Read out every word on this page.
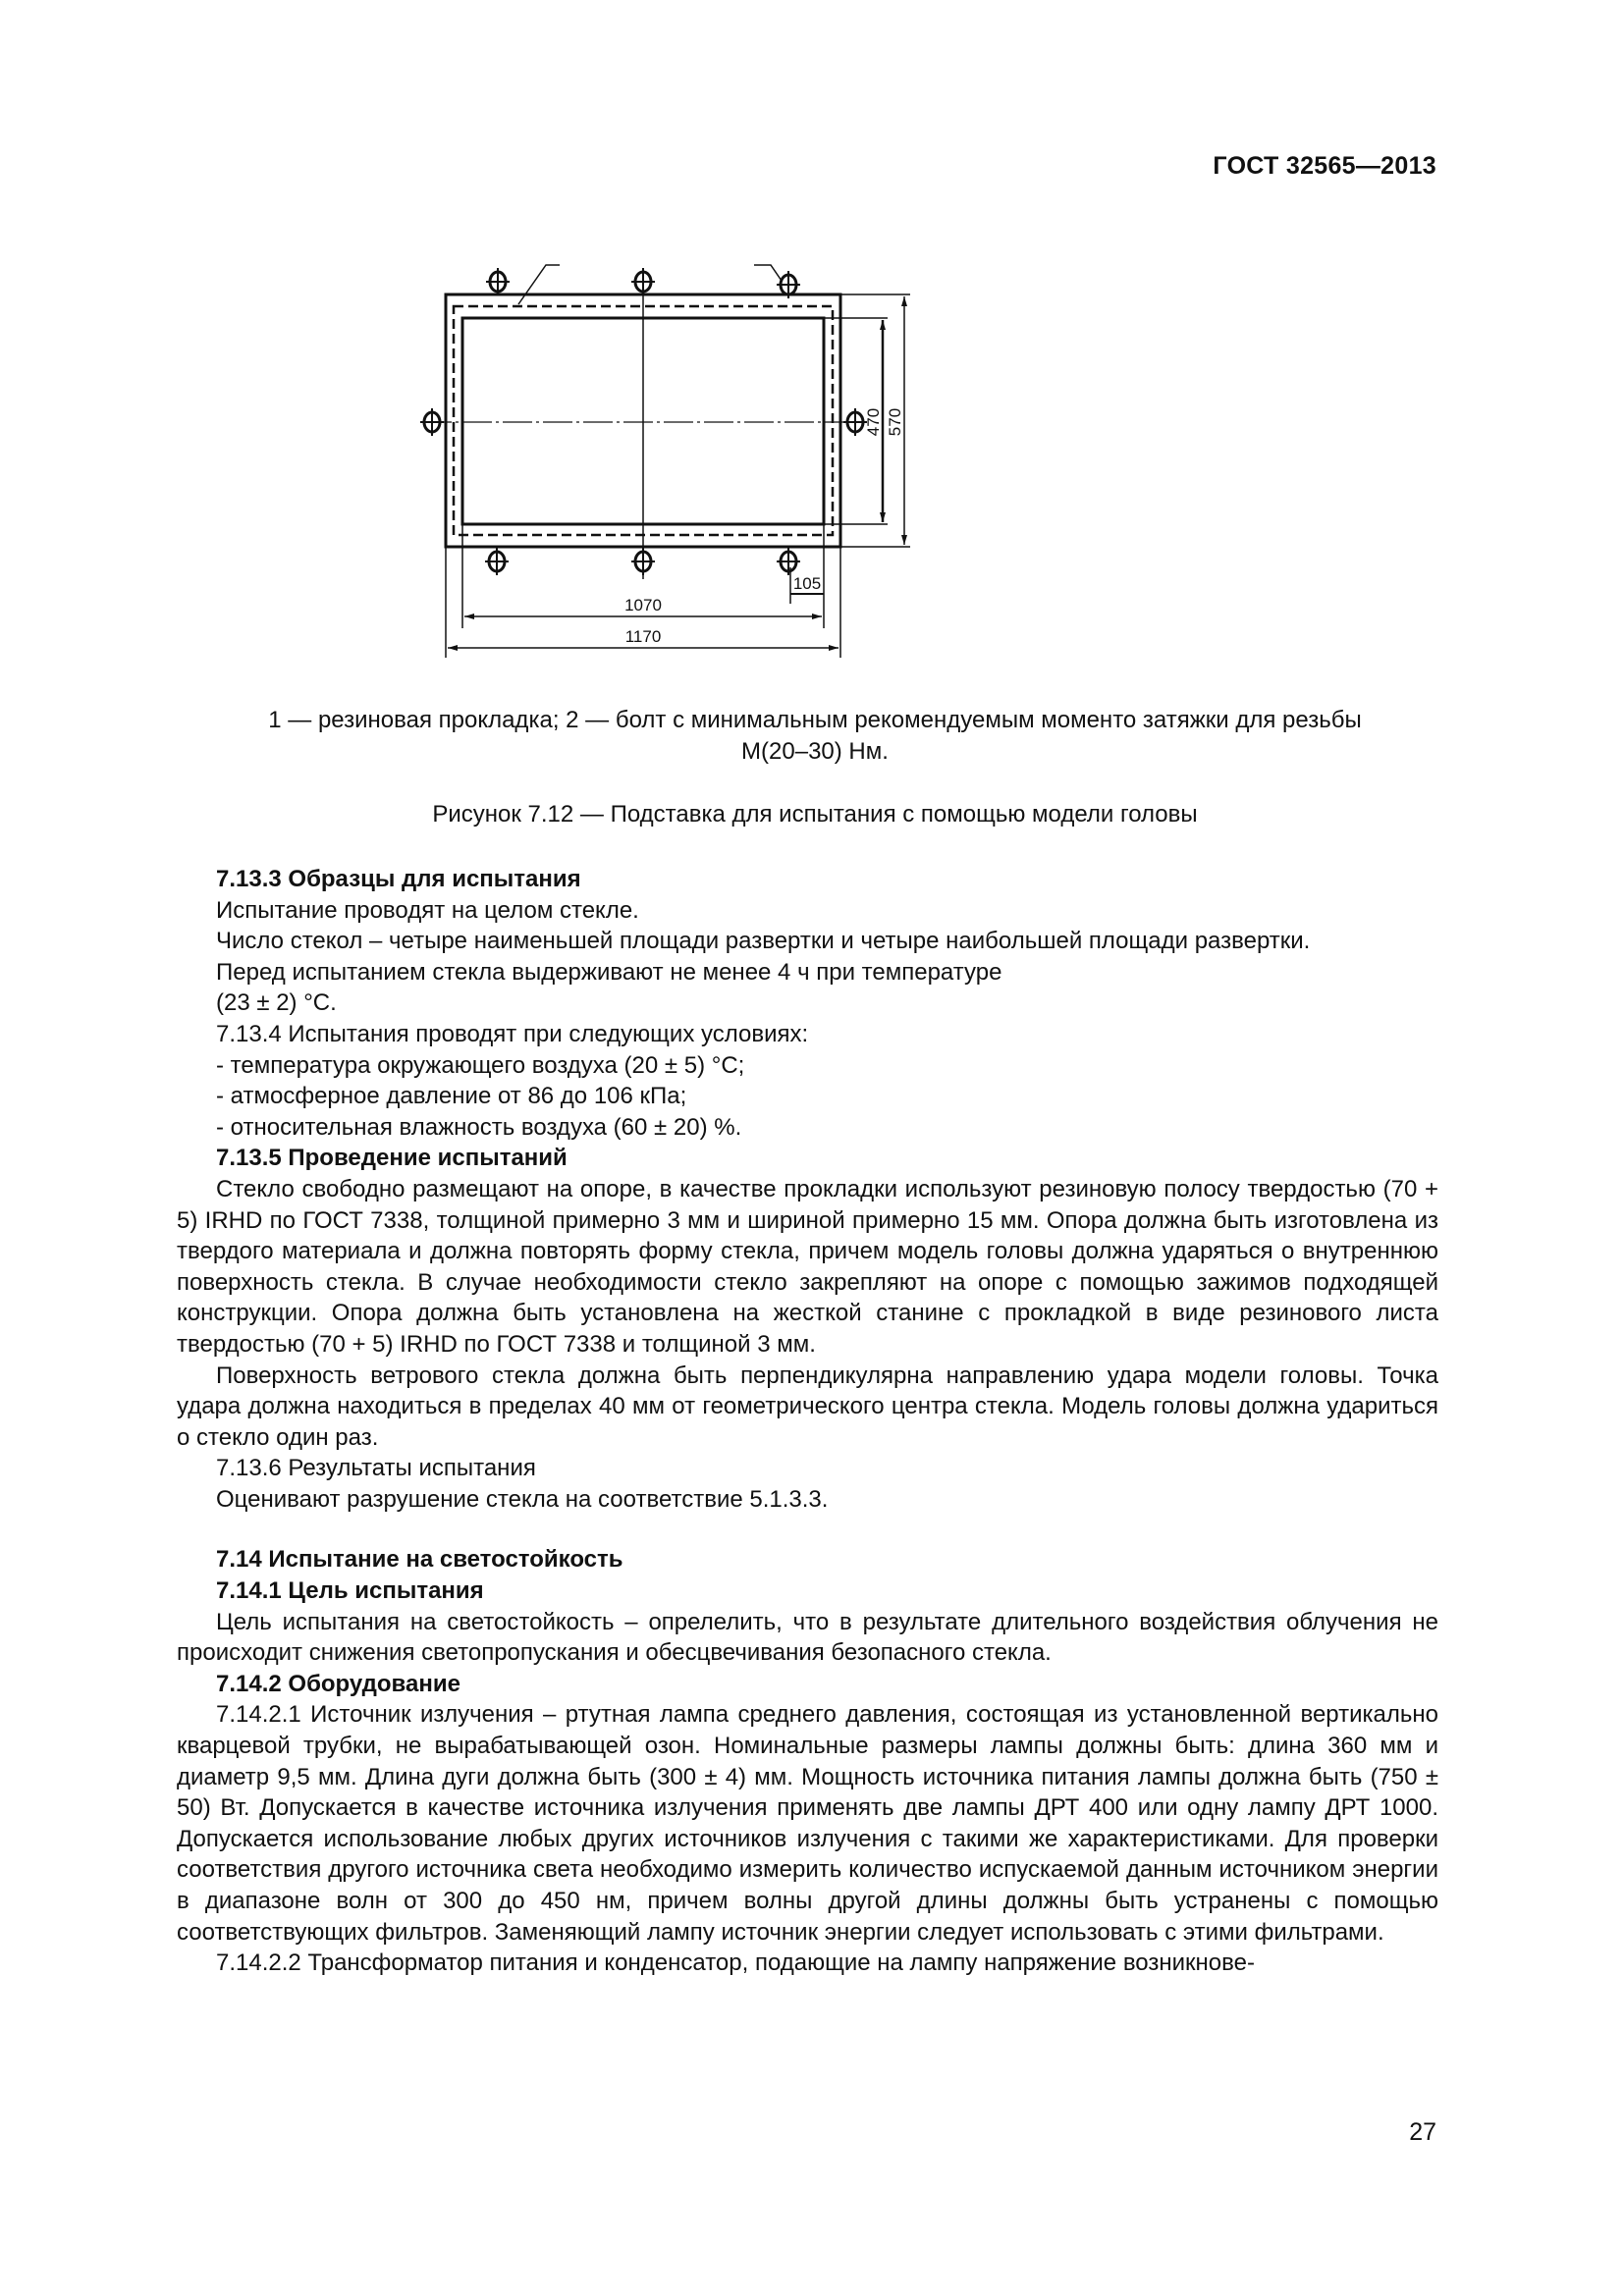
ГОСТ 32565—2013
1070
1170
105
470 570
1 — резиновая прокладка; 2 — болт с минимальным рекомендуемым моменто затяжки для резьбы
М(20–30) Нм.
Рисунок 7.12 — Подставка для испытания с помощью модели головы

7.13.3 Образцы для испытания

Испытание проводят на целом стекле.

Число стекол – четыре наименьшей площади развертки и четыре наибольшей площади развертки.

Перед испытанием стекла выдерживают не менее 4 ч при температуре

(23 ± 2) °С.

7.13.4 Испытания проводят при следующих условиях:

- температура окружающего воздуха (20 ± 5) °С;

- атмосферное давление от 86 до 106 кПа;

- относительная влажность воздуха (60 ± 20) %.

7.13.5 Проведение испытаний

Стекло свободно размещают на опоре, в качестве прокладки используют резиновую полосу твердостью (70 + 5) IRHD по ГОСТ 7338, толщиной примерно 3 мм и шириной примерно 15 мм. Опора должна быть изготовлена из твердого материала и должна повторять форму стекла, причем модель головы должна ударяться о внутреннюю поверхность стекла. В случае необходимости стекло закрепляют на опоре с помощью зажимов подходящей конструкции. Опора должна быть установлена на жесткой станине с прокладкой в виде резинового листа твердостью (70 + 5) IRHD по ГОСТ 7338 и толщиной 3 мм.

Поверхность ветрового стекла должна быть перпендикулярна направлению удара модели головы. Точка удара должна находиться в пределах 40 мм от геометрического центра стекла. Модель головы должна удариться о стекло один раз.

7.13.6 Результаты испытания

Оценивают разрушение стекла на соответствие 5.1.3.3.

7.14 Испытание на светостойкость

7.14.1 Цель испытания

Цель испытания на светостойкость – опрелелить, что в результате длительного воздействия облучения не происходит снижения светопропускания и обесцвечивания безопасного стекла.

7.14.2 Оборудование

7.14.2.1 Источник излучения – ртутная лампа среднего давления, состоящая из установленной вертикально кварцевой трубки, не вырабатывающей озон. Номинальные размеры лампы должны быть: длина 360 мм и диаметр 9,5 мм. Длина дуги должна быть (300 ± 4) мм. Мощность источника питания лампы должна быть (750 ± 50) Вт. Допускается в качестве источника излучения применять две лампы ДРТ 400 или одну лампу ДРТ 1000. Допускается использование любых других источников излучения с такими же характеристиками. Для проверки соответствия другого источника света необходимо измерить количество испускаемой данным источником энергии в диапазоне волн от 300 до 450 нм, причем волны другой длины должны быть устранены с помощью соответствующих фильтров. Заменяющий лампу источник энергии следует использовать с этими фильтрами.

7.14.2.2 Трансформатор питания и конденсатор, подающие на лампу напряжение возникнове-

27
